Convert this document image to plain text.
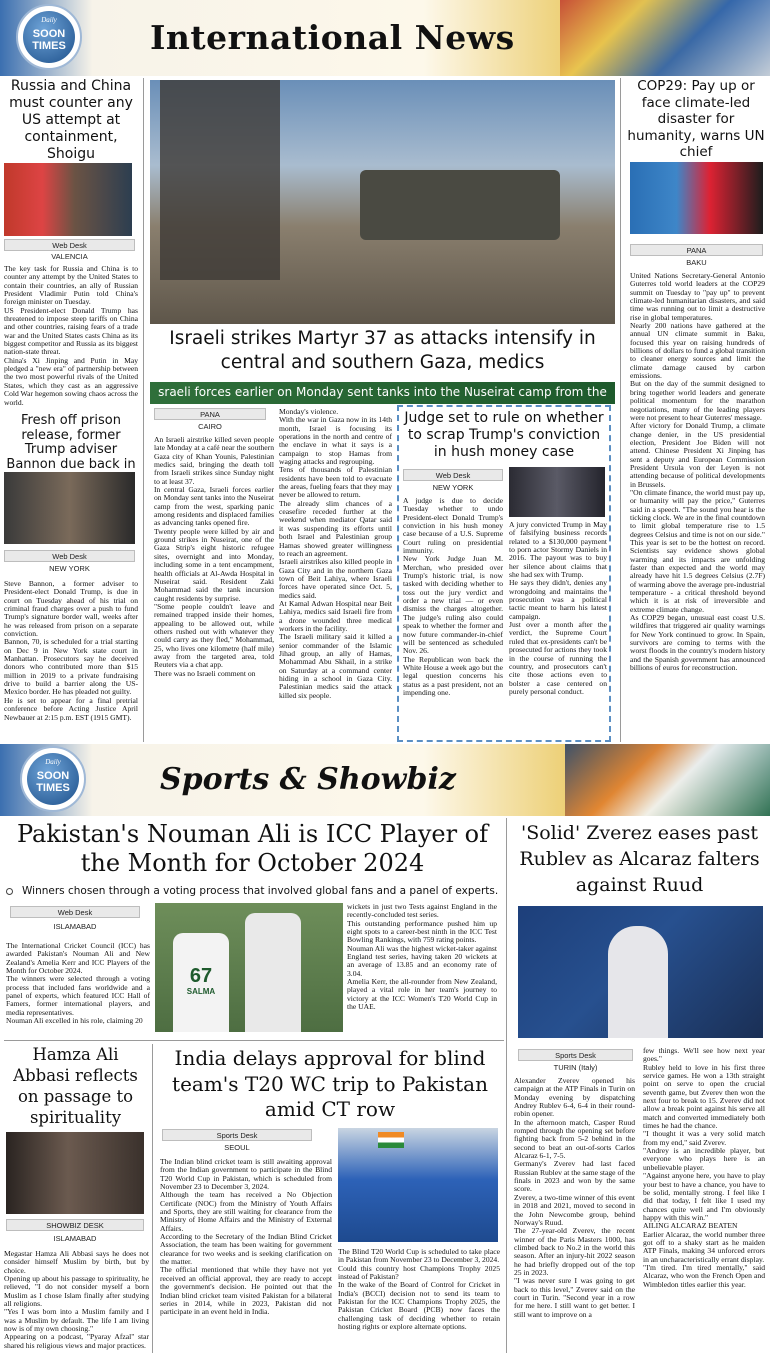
Daily
SOON
TIMES	International News
Russia and China must counter any US attempt at containment, Shoigu
Web Desk
VALENCIA
The key task for Russia and China is to counter any attempt by the United States to contain their countries, an ally of Russian President Vladimir Putin told China's foreign minister on Tuesday.
US President-elect Donald Trump has threatened to impose steep tariffs on China and other countries, raising fears of a trade war and the United States casts China as its biggest competitor and Russia as its biggest nation-state threat.
China's Xi Jinping and Putin in May pledged a "new era" of partnership between the two most powerful rivals of the United States, which they cast as an aggressive Cold War hegemon sowing chaos across the world.
Fresh off prison release, former Trump adviser Bannon due back in
Web Desk
NEW YORK
Steve Bannon, a former adviser to President-elect Donald Trump, is due in court on Tuesday ahead of his trial on criminal fraud charges over a push to fund Trump's signature border wall, weeks after he was released from prison on a separate conviction.
Bannon, 70, is scheduled for a trial starting on Dec 9 in New York state court in Manhattan. Prosecutors say he deceived donors who contributed more than $15 million in 2019 to a private fundraising drive to build a barrier along the US-Mexico border. He has pleaded not guilty.
He is set to appear for a final pretrial conference before Acting Justice April Newbauer at 2:15 p.m. EST (1915 GMT).
Israeli strikes Martyr 37 as attacks intensify in central and southern Gaza, medics
sraeli forces earlier on Monday sent tanks into the Nuseirat camp from the west
PANA
CAIRO
An Israeli airstrike killed seven people late Monday at a café near the southern Gaza city of Khan Younis, Palestinian medics said, bringing the death toll from Israeli strikes since Sunday night to at least 37.
In central Gaza, Israeli forces earlier on Monday sent tanks into the Nuseirat camp from the west, sparking panic among residents and displaced families as advancing tanks opened fire.
Twenty people were killed by air and ground strikes in Nuseirat, one of the Gaza Strip's eight historic refugee sites, overnight and into Monday, including some in a tent encampment, health officials at Al-Awda Hospital in Nuseirat said. Resident Zaki Mohammad said the tank incursion caught residents by surprise.
"Some people couldn't leave and remained trapped inside their homes, appealing to be allowed out, while others rushed out with whatever they could carry as they fled," Mohammad, 25, who lives one kilometre (half mile) away from the targeted area, told Reuters via a chat app.
There was no Israeli comment on
Monday's violence.
With the war in Gaza now in its 14th month, Israel is focusing its operations in the north and centre of the enclave in what it says is a campaign to stop Hamas from waging attacks and regrouping.
Tens of thousands of Palestinian residents have been told to evacuate the areas, fueling fears that they may never be allowed to return.
The already slim chances of a ceasefire receded further at the weekend when mediator Qatar said it was suspending its efforts until both Israel and Palestinian group Hamas showed greater willingness to reach an agreement.
Israeli airstrikes also killed people in Gaza City and in the northern Gaza town of Beit Lahiya, where Israeli forces have operated since Oct. 5, medics said.
At Kamal Adwan Hospital near Beit Lahiya, medics said Israeli fire from a drone wounded three medical workers in the facility.
The Israeli military said it killed a senior commander of the Islamic Jihad group, an ally of Hamas, Mohammad Abu Skhail, in a strike on Saturday at a command center hiding in a school in Gaza City. Palestinian medics said the attack killed six people.
Judge set to rule on whether to scrap Trump's conviction in hush money case
Web Desk
NEW YORK
A judge is due to decide Tuesday whether to undo President-elect Donald Trump's conviction in his hush money case because of a U.S. Supreme Court ruling on presidential immunity.
New York Judge Juan M. Merchan, who presided over Trump's historic trial, is now tasked with deciding whether to toss out the jury verdict and order a new trial — or even dismiss the charges altogether. The judge's ruling also could speak to whether the former and now future commander-in-chief will be sentenced as scheduled Nov. 26.
The Republican won back the White House a week ago but the legal question concerns his status as a past president, not an impending one.
A jury convicted Trump in May of falsifying business records related to a $130,000 payment to porn actor Stormy Daniels in 2016. The payout was to buy her silence about claims that she had sex with Trump.
He says they didn't, denies any wrongdoing and maintains the prosecution was a political tactic meant to harm his latest campaign.
Just over a month after the verdict, the Supreme Court ruled that ex-presidents can't be prosecuted for actions they took in the course of running the country, and prosecutors can't cite those actions even to bolster a case centered on purely personal conduct.
COP29: Pay up or face climate-led disaster for humanity, warns UN chief
PANA
BAKU
United Nations Secretary-General Antonio Guterres told world leaders at the COP29 summit on Tuesday to "pay up" to prevent climate-led humanitarian disasters, and said time was running out to limit a destructive rise in global temperatures.
Nearly 200 nations have gathered at the annual UN climate summit in Baku, focused this year on raising hundreds of billions of dollars to fund a global transition to cleaner energy sources and limit the climate damage caused by carbon emissions.
But on the day of the summit designed to bring together world leaders and generate political momentum for the marathon negotiations, many of the leading players were not present to hear Guterres' message.
After victory for Donald Trump, a climate change denier, in the US presidential election, President Joe Biden will not attend. Chinese President Xi Jinping has sent a deputy and European Commission President Ursula von der Leyen is not attending because of political developments in Brussels.
"On climate finance, the world must pay up, or humanity will pay the price," Guterres said in a speech. "The sound you hear is the ticking clock. We are in the final countdown to limit global temperature rise to 1.5 degrees Celsius and time is not on our side."
This year is set to be the hottest on record. Scientists say evidence shows global warming and its impacts are unfolding faster than expected and the world may already have hit 1.5 degrees Celsius (2.7F) of warming above the average pre-industrial temperature - a critical threshold beyond which it is at risk of irreversible and extreme climate change.
As COP29 began, unusual east coast U.S. wildfires that triggered air quality warnings for New York continued to grow. In Spain, survivors are coming to terms with the worst floods in the country's modern history and the Spanish government has announced billions of euros for reconstruction.
Daily
SOON
TIMES	Sports & Showbiz
Pakistan's Nouman Ali is ICC Player of the Month for October 2024
Winners chosen through a voting process that involved global fans and a panel of experts.
Web Desk
ISLAMABAD
The International Cricket Council (ICC) has awarded Pakistan's Nouman Ali and New Zealand's Amelia Kerr and ICC Players of the Month for October 2024.
The winners were selected through a voting process that included fans worldwide and a panel of experts, which featured ICC Hall of Famers, former international players, and media representatives.
Nouman Ali excelled in his role, claiming 20
67
SALMA
wickets in just two Tests against England in the recently-concluded test series.
This outstanding performance pushed him up eight spots to a career-best ninth in the ICC Test Bowling Rankings, with 759 rating points.
Nouman Ali was the highest wicket-taker against England test series, having taken 20 wickets at an average of 13.85 and an economy rate of 3.04.
Amelia Kerr, the all-rounder from New Zealand, played a vital role in her team's journey to victory at the ICC Women's T20 World Cup in the UAE.
'Solid' Zverez eases past Rublev as Alcaraz falters against Ruud
Sports Desk
TURIN (Italy)
Alexander Zverev opened his campaign at the ATP Finals in Turin on Monday evening by dispatching Andrey Rublev 6-4, 6-4 in their round-robin opener.
In the afternoon match, Casper Ruud romped through the opening set before fighting back from 5-2 behind in the second to beat an out-of-sorts Carlos Alcaraz 6-1, 7-5.
Germany's Zverev had last faced Russian Rublev at the same stage of the finals in 2023 and won by the same score.
Zverev, a two-time winner of this event in 2018 and 2021, moved to second in the John Newcombe group, behind Norway's Ruud.
The 27-year-old Zverev, the recent winner of the Paris Masters 1000, has climbed back to No.2 in the world this season. After an injury-hit 2022 season he had briefly dropped out of the top 25 in 2023.
"I was never sure I was going to get back to this level," Zverev said on the court in Turin. "Second year in a row for me here. I still want to get better. I still want to improve on a
few things. We'll see how next year goes."
Rubley held to love in his first three service games. He won a 13th straight point on serve to open the crucial seventh game, but Zverev then won the next four to break to 15. Zverev did not allow a break point against his serve all match and converted immediately both times he had the chance.
"I thought it was a very solid match from my end," said Zverev.
"Andrey is an incredible player, but everyone who plays here is an unbelievable player.
"Against anyone here, you have to play your best to have a chance, you have to be solid, mentally strong. I feel like I did that today, I felt like I used my chances quite well and I'm obviously happy with this win."
AILING ALCARAZ BEATEN
Earlier Alcaraz, the world number three got off to a shaky start as he maiden ATP Finals, making 34 unforced errors in an uncharacteristically errant display.
"I'm tired. I'm tired mentally," said Alcaraz, who won the French Open and Wimbledon titles earlier this year.
Hamza Ali Abbasi reflects on passage to spirituality
SHOWBIZ DESK
ISLAMABAD
Megastar Hamza Ali Abbasi says he does not consider himself Muslim by birth, but by choice.
Opening up about his passage to spirituality, he relieved, "I do not consider myself a born Muslim as I chose Islam finally after studying all religions.
"Yes I was born into a Muslim family and I was a Muslim by default. The life I am living now is of my own choosing."
Appearing on a podcast, "Pyaray Afzal" star shared his religious views and major practices.
India delays approval for blind team's T20 WC trip to Pakistan amid CT row
Sports Desk
SEOUL
The Indian blind cricket team is still awaiting approval from the Indian government to participate in the Blind T20 World Cup in Pakistan, which is scheduled from November 23 to December 3, 2024.
Although the team has received a No Objection Certificate (NOC) from the Ministry of Youth Affairs and Sports, they are still waiting for clearance from the Ministry of Home Affairs and the Ministry of External Affairs.
According to the Secretary of the Indian Blind Cricket Association, the team has been waiting for government clearance for two weeks and is seeking clarification on the matter.
The official mentioned that while they have not yet received an official approval, they are ready to accept the government's decision. He pointed out that the Indian blind cricket team visited Pakistan for a bilateral series in 2014, while in 2023, Pakistan did not participate in an event held in India.
The Blind T20 World Cup is scheduled to take place in Pakistan from November 23 to December 3, 2024.
Could this country host Champions Trophy 2025 instead of Pakistan?
In the wake of the Board of Control for Cricket in India's (BCCI) decision not to send its team to Pakistan for the ICC Champions Trophy 2025, the Pakistan Cricket Board (PCB) now faces the challenging task of deciding whether to retain hosting rights or explore alternate options.
